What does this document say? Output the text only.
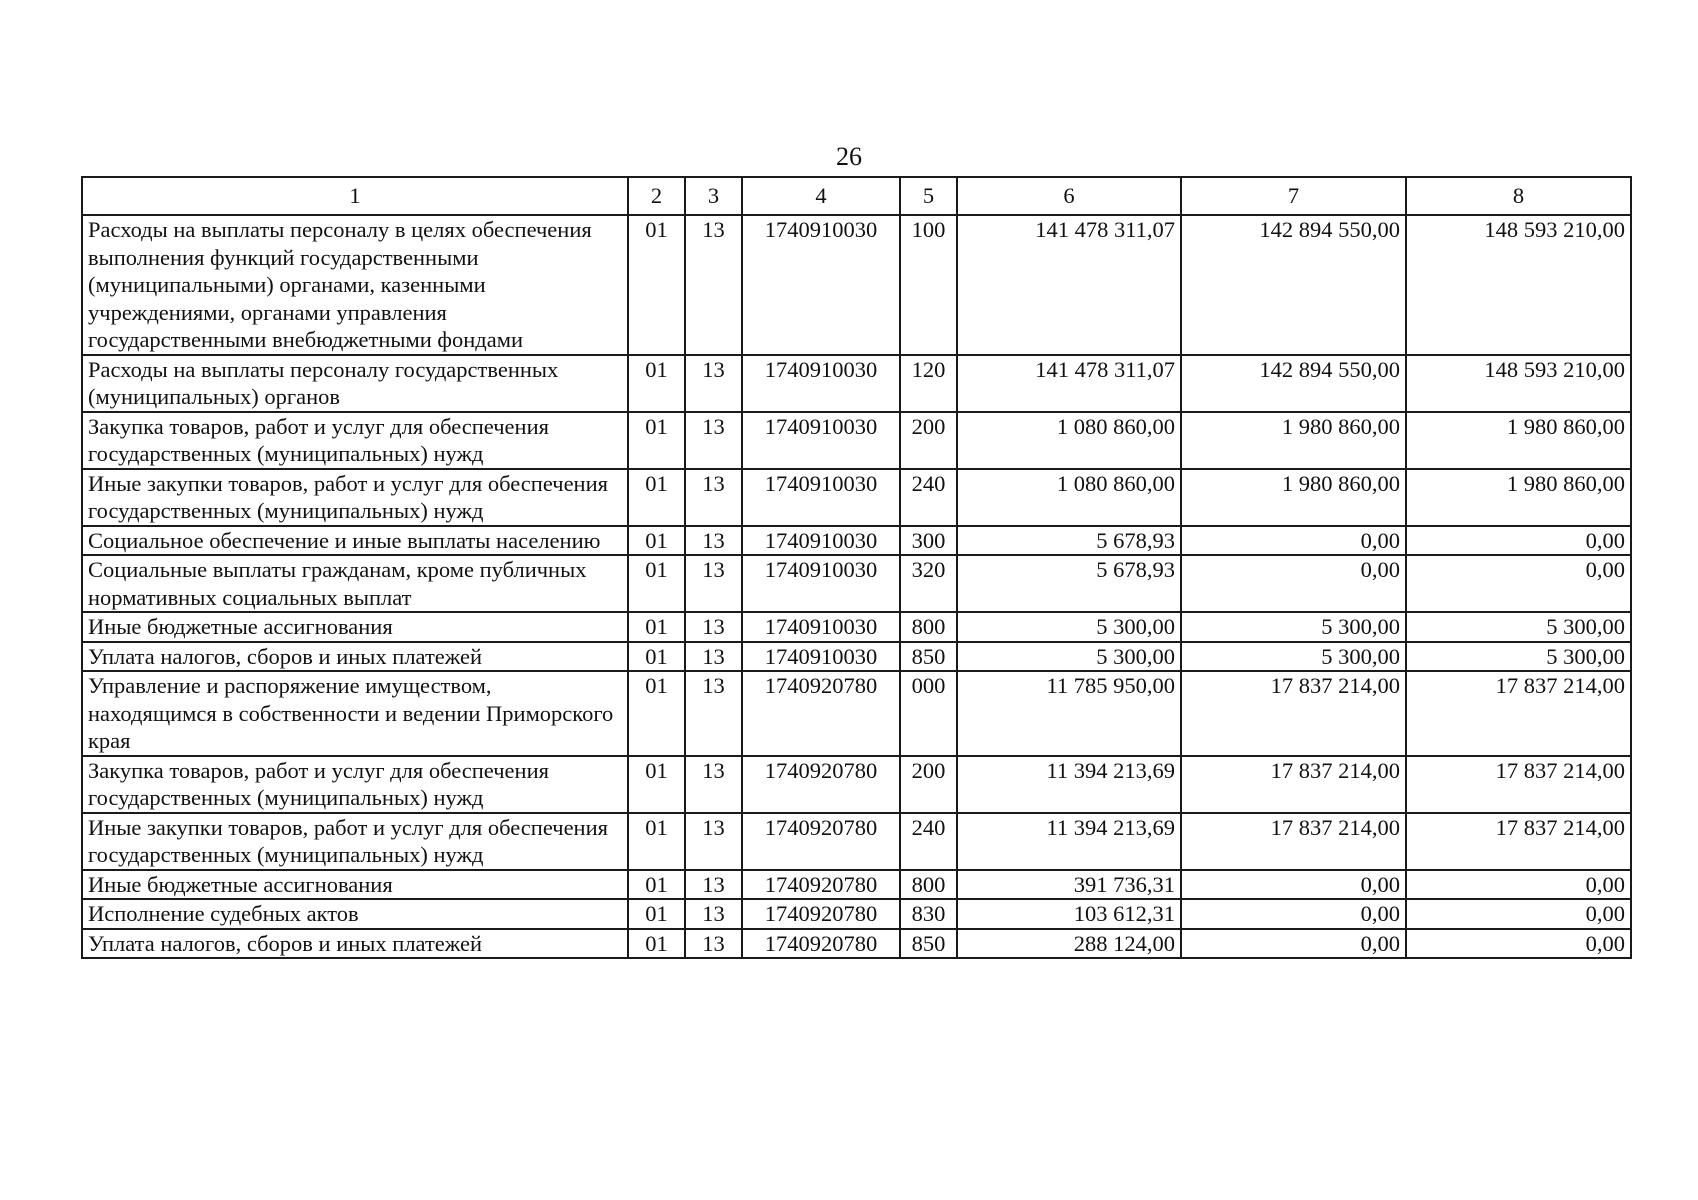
26
1	2	3	4	5	6	7	8
Расходы на выплаты персоналу в целях обеспечения выполнения функций государственными (муниципальными) органами, казенными учреждениями, органами управления государственными внебюджетными фондами	01	13	1740910030	100	141 478 311,07	142 894 550,00	148 593 210,00
Расходы на выплаты персоналу государственных (муниципальных) органов	01	13	1740910030	120	141 478 311,07	142 894 550,00	148 593 210,00
Закупка товаров, работ и услуг для обеспечения государственных (муниципальных) нужд	01	13	1740910030	200	1 080 860,00	1 980 860,00	1 980 860,00
Иные закупки товаров, работ и услуг для обеспечения государственных (муниципальных) нужд	01	13	1740910030	240	1 080 860,00	1 980 860,00	1 980 860,00
Социальное обеспечение и иные выплаты населению	01	13	1740910030	300	5 678,93	0,00	0,00
Социальные выплаты гражданам, кроме публичных нормативных социальных выплат	01	13	1740910030	320	5 678,93	0,00	0,00
Иные бюджетные ассигнования	01	13	1740910030	800	5 300,00	5 300,00	5 300,00
Уплата налогов, сборов и иных платежей	01	13	1740910030	850	5 300,00	5 300,00	5 300,00
Управление и распоряжение имуществом, находящимся в собственности и ведении Приморского края	01	13	1740920780	000	11 785 950,00	17 837 214,00	17 837 214,00
Закупка товаров, работ и услуг для обеспечения государственных (муниципальных) нужд	01	13	1740920780	200	11 394 213,69	17 837 214,00	17 837 214,00
Иные закупки товаров, работ и услуг для обеспечения государственных (муниципальных) нужд	01	13	1740920780	240	11 394 213,69	17 837 214,00	17 837 214,00
Иные бюджетные ассигнования	01	13	1740920780	800	391 736,31	0,00	0,00
Исполнение судебных актов	01	13	1740920780	830	103 612,31	0,00	0,00
Уплата налогов, сборов и иных платежей	01	13	1740920780	850	288 124,00	0,00	0,00
